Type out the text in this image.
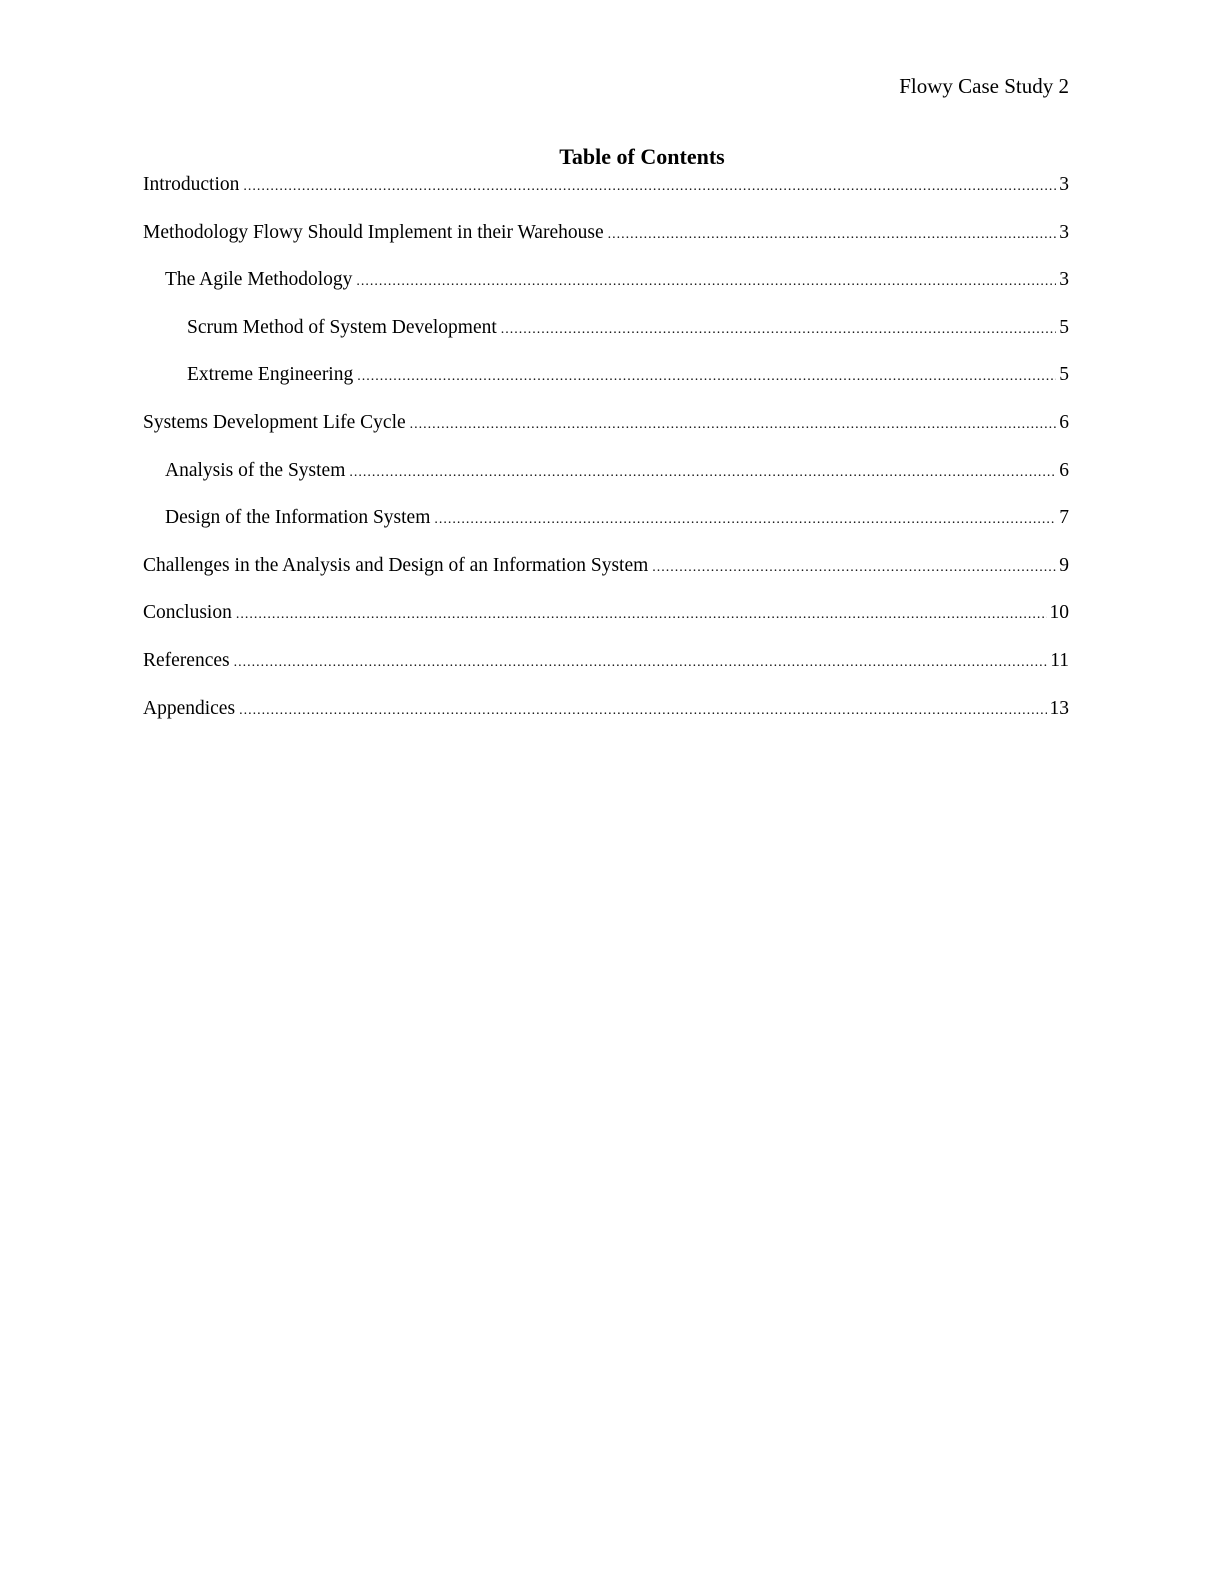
Flowy Case Study 2
Table of Contents
Introduction .....	3
Methodology Flowy Should Implement in their Warehouse .....	3
The Agile Methodology .....	3
Scrum Method of System Development .....	5
Extreme Engineering .....	5
Systems Development Life Cycle .....	6
Analysis of the System .....	6
Design of the Information System .....	7
Challenges in the Analysis and Design of an Information System .....	9
Conclusion .....	10
References .....	11
Appendices .....	13
